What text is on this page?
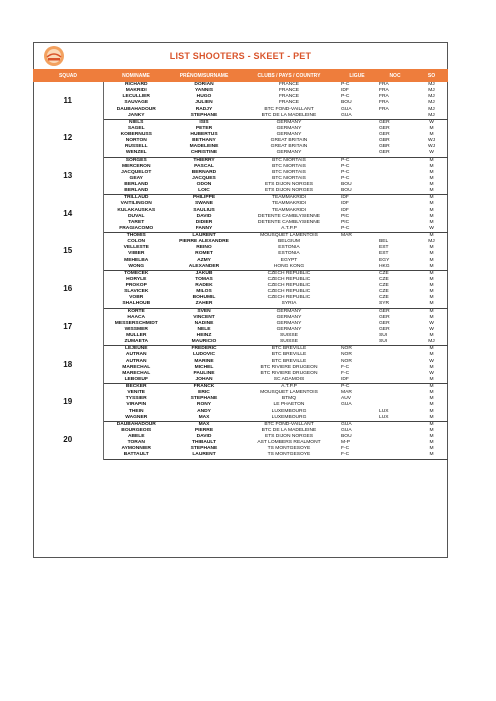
LIST SHOOTERS - SKEET - PET
SQUAD	NOM/NAME	PRÉNOM/SURNAME	CLUBS / PAYS / COUNTRY	LIGUE	NOC	SO
11	RICHARD	DORIAN	FRANCE	P-C	FRA	MJ
	MAKRIDI	YANNIS	FRANCE	IDF	FRA	MJ
	LECULLIER	HUGO	FRANCE	P-C	FRA	MJ
	SAUVAGE	JULIEN	FRANCE	BOU	FRA	MJ
	DAUBAHADOUR	RADJY	BTC FOND-VAILLANT	GUA	FRA	MJ
	JANKY	STEPHANE	BTC DE LA MADELEINE	GUA		MJ
12	NIELS	ISIS	GERMANY		GER	W
	SAGEL	PETER	GERMANY		GER	M
	KOBERNUSS	HUBERTUS	GERMANY		GER	M
	NORTON	BETHANY	GREAT BRITAIN		GBR	WJ
	RUSSELL	MADELEINE	GREAT BRITAIN		GBR	WJ
	WENZEL	CHRISTINE	GERMANY		GER	W
13	SORGES	THIERRY	BTC NIORTAIS	P-C		M
	MERCERON	PASCAL	BTC NIORTAIS	P-C		M
	JACQUELOT	BERNARD	BTC NIORTAIS	P-C		M
	GEAY	JACQUES	BTC NIORTAIS	P-C		M
	BERLAND	ODON	ETS DIJON NORGES	BOU		M
	BERLAND	LOIC	ETS DIJON NORGES	BOU		M
14	TRILLAUD	PHILIPPE	TEAMMAKRIDI	IDF		M
	VAITILINGON	SWANE	TEAMMAKRIDI	IDF		M
	KULAKAUSKAS	SAULIUS	TEAMMAKRIDI	IDF		M
	DUVAL	DAVID	DETENTE CAMBLYSIENNE	PIC		M
	TARET	DIDIER	DETENTE CAMBLYSIENNE	PIC		M
	FRAGIACOMO	FANNY	A.T.P.P	P-C		W
15	THOMIS	LAURENT	MOUSQUET LAMENTOIS	MAR		M
	COLON	PIERRE ALEXANDRE	BELGIUM		BEL	MJ
	VELLESTE	REINO	ESTONIA		EST	M
	VIIBER	ROMET	ESTONIA		EST	M
	MEHELBA	AZMY	EGYPT		EGY	M
	WONG	ALEXANDER	HONG KONG		HKG	M
16	TOMECEK	JAKUB	CZECH REPUBLIC		CZE	M
	HORYLE	TOMAS	CZECH REPUBLIC		CZE	M
	PROKOP	RADEK	CZECH REPUBLIC		CZE	M
	SLAVICEK	MILOS	CZECH REPUBLIC		CZE	M
	VOBR	BOHUMIL	CZECH REPUBLIC		CZE	M
	SHALHOUB	ZAHER	SYRIA		SYR	M
17	KORTE	SVEN	GERMANY		GER	M
	HAACA	VINCENT	GERMANY		GER	M
	MESSERSCHMIDT	NADINE	GERMANY		GER	W
	WISSMER	NELE	GERMANY		GER	W
	MULLER	HEINZ	SUISSE		SUI	M
	ZUMAETA	MAURICIO	SUISSE		SUI	MJ
18	LEJEUNE	FREDERIC	BTC BREVILLE	NOR		M
	AUTRAN	LUDOVIC	BTC BREVILLE	NOR		M
	AUTRAN	MARINE	BTC BREVILLE	NOR		W
	MARECHAL	MICHEL	BTC RIVIERE DRUGEON	F-C		M
	MARECHAL	PAULINE	BTC RIVIERE DRUGEON	F-C		W
	LEBOEUF	JOHAN	SC ADAMOIS	IDF		M
19	BECKER	FRANCK	A.T.P.P	P-C		M
	VENITE	ERIC	MOUSQUET LAMENTOIS	MAR		M
	TYSSIER	STEPHANE	BTMQ	AUV		M
	VIRAPIN	RONY	LE PHAETON	GUA		M
	THEIN	ANDY	LUXEMBOURG		LUX	M
	WAGNER	MAX	LUXEMBOURG		LUX	M
20	DAUBAHADOUR	MAX	BTC FOND-VAILLANT	GUA		M
	BOURGEOIS	PIERRE	BTC DE LA MADELEINE	GUA		M
	ABELE	DAVID	ETS DIJON NORGES	BOU		M
	TORAN	THIBAULT	AST LOMBERS REALMONT	M-P		M
	AYMONNIER	STEPHANE	TS MONTGESOYE	F-C		M
	BATTAULT	LAURENT	TS MONTGESOYE	F-C		M
